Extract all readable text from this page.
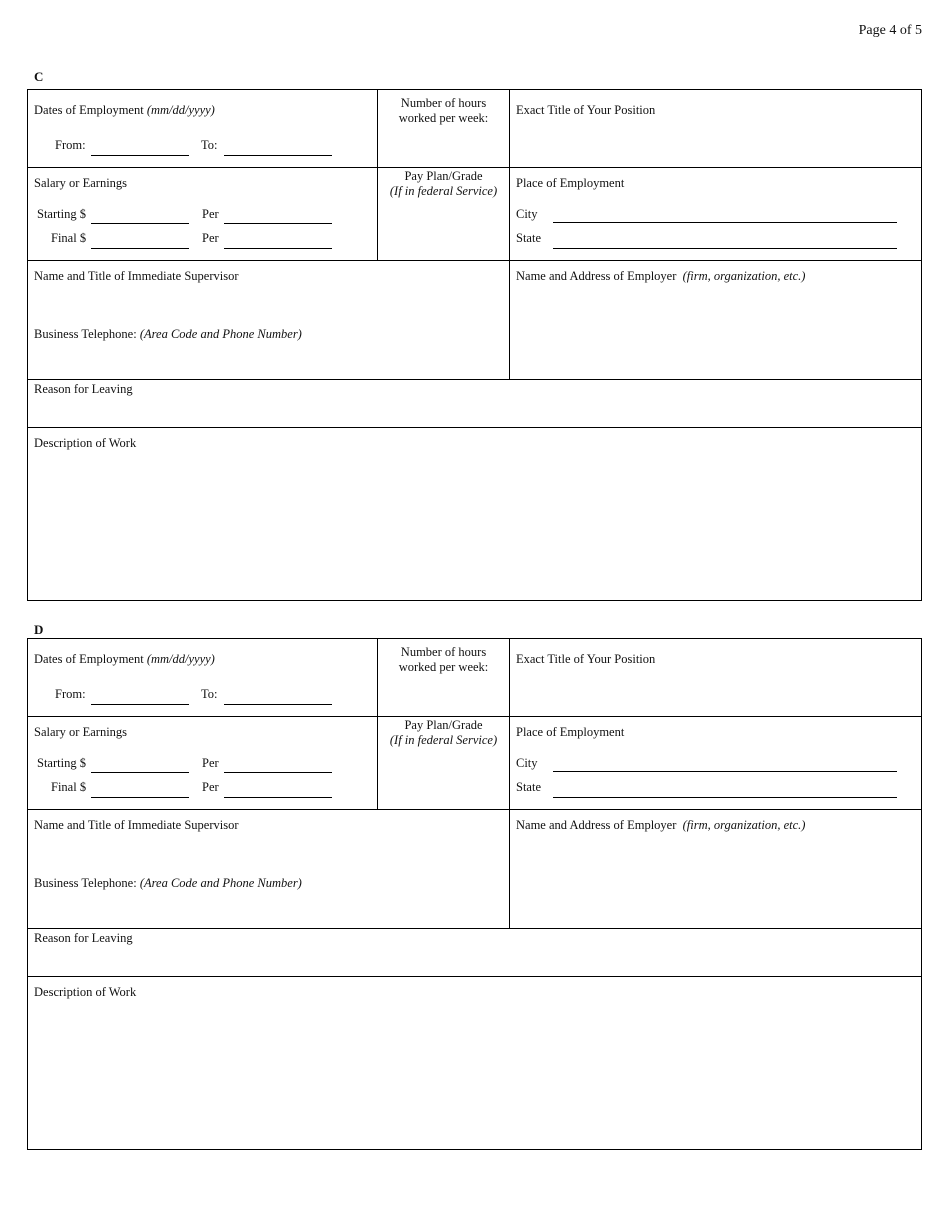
Page 4 of 5
C
Dates of Employment (mm/dd/yyyy)
From:	To:
Number of hours
worked per week:
Exact Title of Your Position
Salary or Earnings
Starting $	Per
Final $	Per
Pay Plan/Grade
(If in federal Service)
Place of Employment
City
State
Name and Title of Immediate Supervisor
Business Telephone: (Area Code and Phone Number)
Name and Address of Employer (firm, organization, etc.)
Reason for Leaving
Description of Work
D
Dates of Employment (mm/dd/yyyy)
From:	To:
Number of hours
worked per week:
Exact Title of Your Position
Salary or Earnings
Starting $	Per
Final $	Per
Pay Plan/Grade
(If in federal Service)
Place of Employment
City
State
Name and Title of Immediate Supervisor
Business Telephone: (Area Code and Phone Number)
Name and Address of Employer (firm, organization, etc.)
Reason for Leaving
Description of Work
